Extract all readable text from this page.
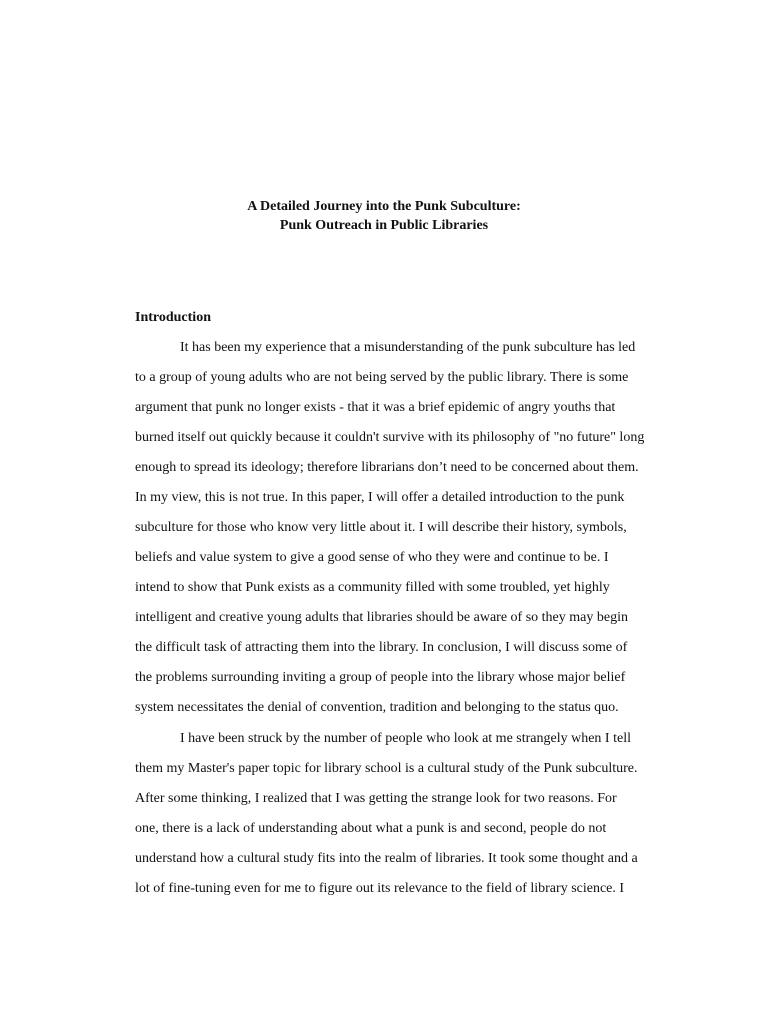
A Detailed Journey into the Punk Subculture:
Punk Outreach in Public Libraries
Introduction
It has been my experience that a misunderstanding of the punk subculture has led
to a group of young adults who are not being served by the public library. There is some
argument that punk no longer exists - that it was a brief epidemic of angry youths that
burned itself out quickly because it couldn't survive with its philosophy of "no future" long
enough to spread its ideology; therefore librarians don’t need to be concerned about them.
In my view, this is not true. In this paper, I will offer a detailed introduction to the punk
subculture for those who know very little about it. I will describe their history, symbols,
beliefs and value system to give a good sense of who they were and continue to be. I
intend to show that Punk exists as a community filled with some troubled, yet highly
intelligent and creative young adults that libraries should be aware of so they may begin
the difficult task of attracting them into the library. In conclusion, I will discuss some of
the problems surrounding inviting a group of people into the library whose major belief
system necessitates the denial of convention, tradition and belonging to the status quo.
I have been struck by the number of people who look at me strangely when I tell
them my Master's paper topic for library school is a cultural study of the Punk subculture.
After some thinking, I realized that I was getting the strange look for two reasons. For
one, there is a lack of understanding about what a punk is and second, people do not
understand how a cultural study fits into the realm of libraries. It took some thought and a
lot of fine-tuning even for me to figure out its relevance to the field of library science. I
